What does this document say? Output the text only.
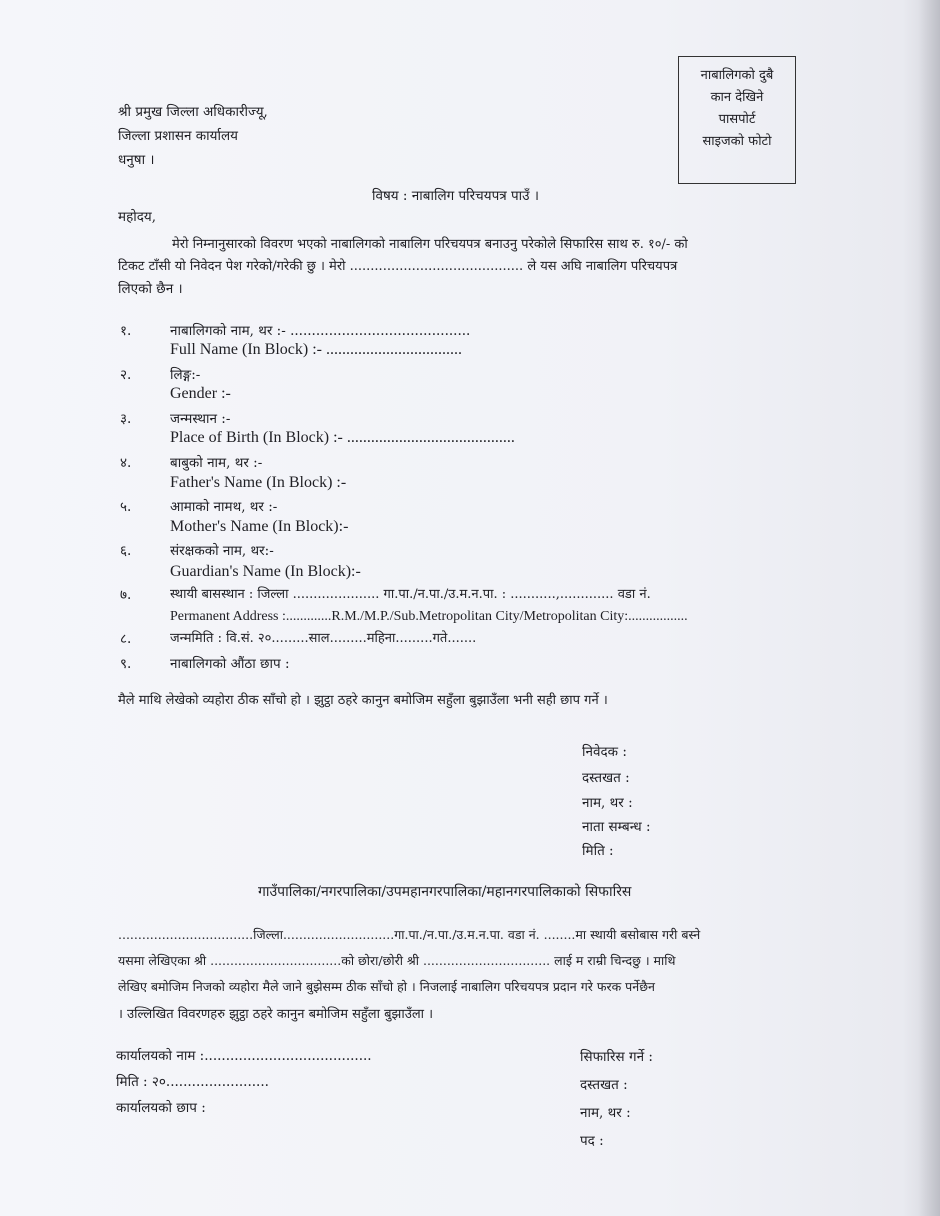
नाबालिगको दुबै
कान देखिने
पासपोर्ट
साइजको फोटो
श्री प्रमुख जिल्ला अधिकारीज्यू,
जिल्ला प्रशासन कार्यालय
धनुषा ।
विषय : नाबालिग परिचयपत्र पाउँ ।
महोदय,
मेरो निम्नानुसारको विवरण भएको नाबालिगको नाबालिग परिचयपत्र बनाउनु परेकोले सिफारिस साथ रु. १०/- को
टिकट टाँसी यो निवेदन पेश गरेको/गरेकी छु । मेरो .......................................... ले यस अघि नाबालिग परिचयपत्र
लिएको छैन ।
१.	नाबालिगको नाम, थर :- ..........................................
Full Name (In Block) :- ..................................
२.	लिङ्ग:-
Gender :-
३.	जन्मस्थान :-
Place of Birth (In Block) :- ..........................................
४.	बाबुको नाम, थर :-
Father's Name (In Block) :-
५.	आमाको नामथ, थर :-
Mother's Name (In Block):-
६.	संरक्षकको नाम, थर:-
Guardian's Name (In Block):-
७.	स्थायी बासस्थान : जिल्ला ..................... गा.पा./न.पा./उ.म.न.पा. : ...........,............. वडा नं.
Permanent Address :.............R.M./M.P./Sub.Metropolitan City/Metropolitan City:.................
८.	जन्ममिति : वि.सं. २०.........साल.........महिना.........गते.......
९.	नाबालिगको औंठा छाप :
मैले माथि लेखेको व्यहोरा ठीक साँचो हो । झुट्ठा ठहरे कानुन बमोजिम सहुँला बुझाउँला भनी सही छाप गर्ने ।
निवेदक :
दस्तखत :
नाम, थर :
नाता सम्बन्ध :
मिति :
गाउँपालिका/नगरपालिका/उपमहानगरपालिका/महानगरपालिकाको सिफारिस
..................................जिल्ला............................गा.पा./न.पा./उ.म.न.पा. वडा नं. ........मा स्थायी बसोबास गरी बस्ने
यसमा लेखिएका श्री .................................को छोरा/छोरी श्री ................................ लाई म राम्री चिन्दछु । माथि
लेखिए बमोजिम निजको व्यहोरा मैले जाने बुझेसम्म ठीक साँचो हो । निजलाई नाबालिग परिचयपत्र प्रदान गरे फरक पर्नेछैन
। उल्लिखित विवरणहरु झुट्ठा ठहरे कानुन बमोजिम सहुँला बुझाउँला ।
कार्यालयको नाम :.......................................
मिति : २०........................
कार्यालयको छाप :
सिफारिस गर्ने :
दस्तखत :
नाम, थर :
पद :
